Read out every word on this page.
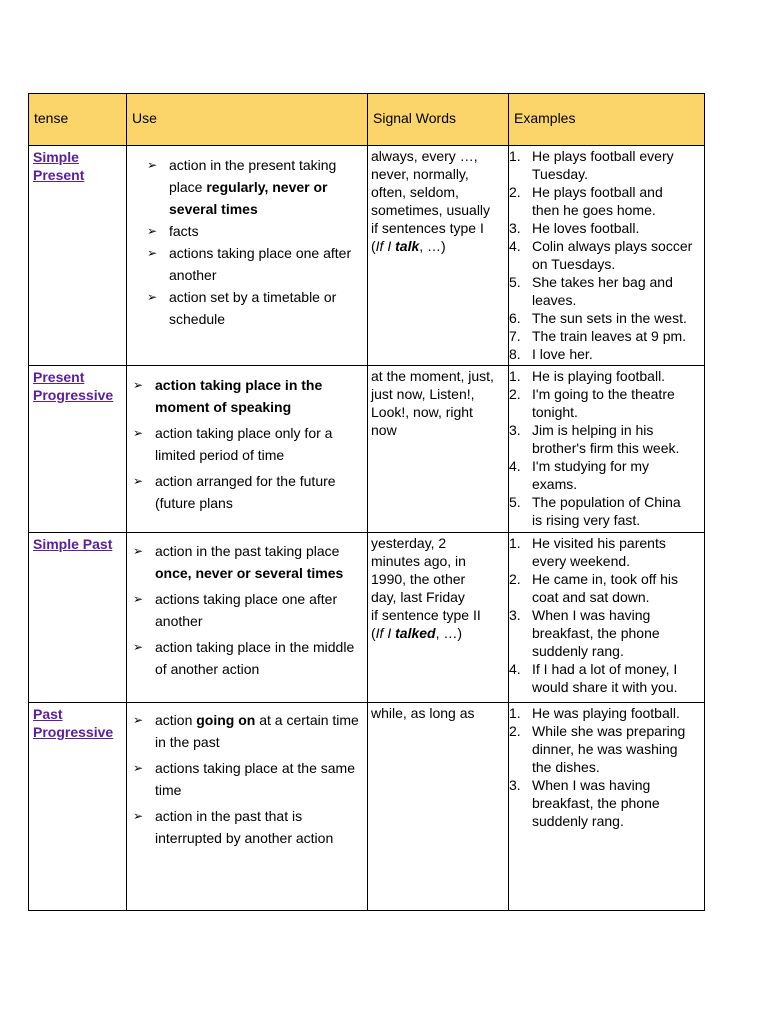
tense	Use	Signal Words	Examples
Simple
Present
➢ action in the present taking place regularly, never or several times
➢ facts
➢ actions taking place one after another
➢ action set by a timetable or schedule
always, every …,
never, normally,
often, seldom,
sometimes, usually
if sentences type I
(If I talk, …)
1. He plays football every
Tuesday.
2. He plays football and
then he goes home.
3. He loves football.
4. Colin always plays soccer
on Tuesdays.
5. She takes her bag and
leaves.
6. The sun sets in the west.
7. The train leaves at 9 pm.
8. I love her.
Present
Progressive
➢ action taking place in the moment of speaking
➢ action taking place only for a limited period of time
➢ action arranged for the future (future plans
at the moment, just,
just now, Listen!,
Look!, now, right
now
1. He is playing football.
2. I'm going to the theatre
tonight.
3. Jim is helping in his
brother's firm this week.
4. I'm studying for my
exams.
5. The population of China
is rising very fast.
Simple Past
➢	action in the past taking place once, never or several times
➢ actions taking place one after another
➢ action taking place in the middle of another action
yesterday, 2
minutes ago, in
1990, the other
day, last Friday
if sentence type II
(If I talked, …)
1. He visited his parents
every weekend.
2. He came in, took off his
coat and sat down.
3. When I was having
breakfast, the phone
suddenly rang.
4. If I had a lot of money, I
would share it with you.
Past
Progressive
➢ action going on at a certain time in the past
➢ actions taking place at the same time
➢ action in the past that is interrupted by another action
while, as long as	1. He was playing football.
2. While she was preparing
dinner, he was washing
the dishes.
3. When I was having
breakfast, the phone
suddenly rang.
